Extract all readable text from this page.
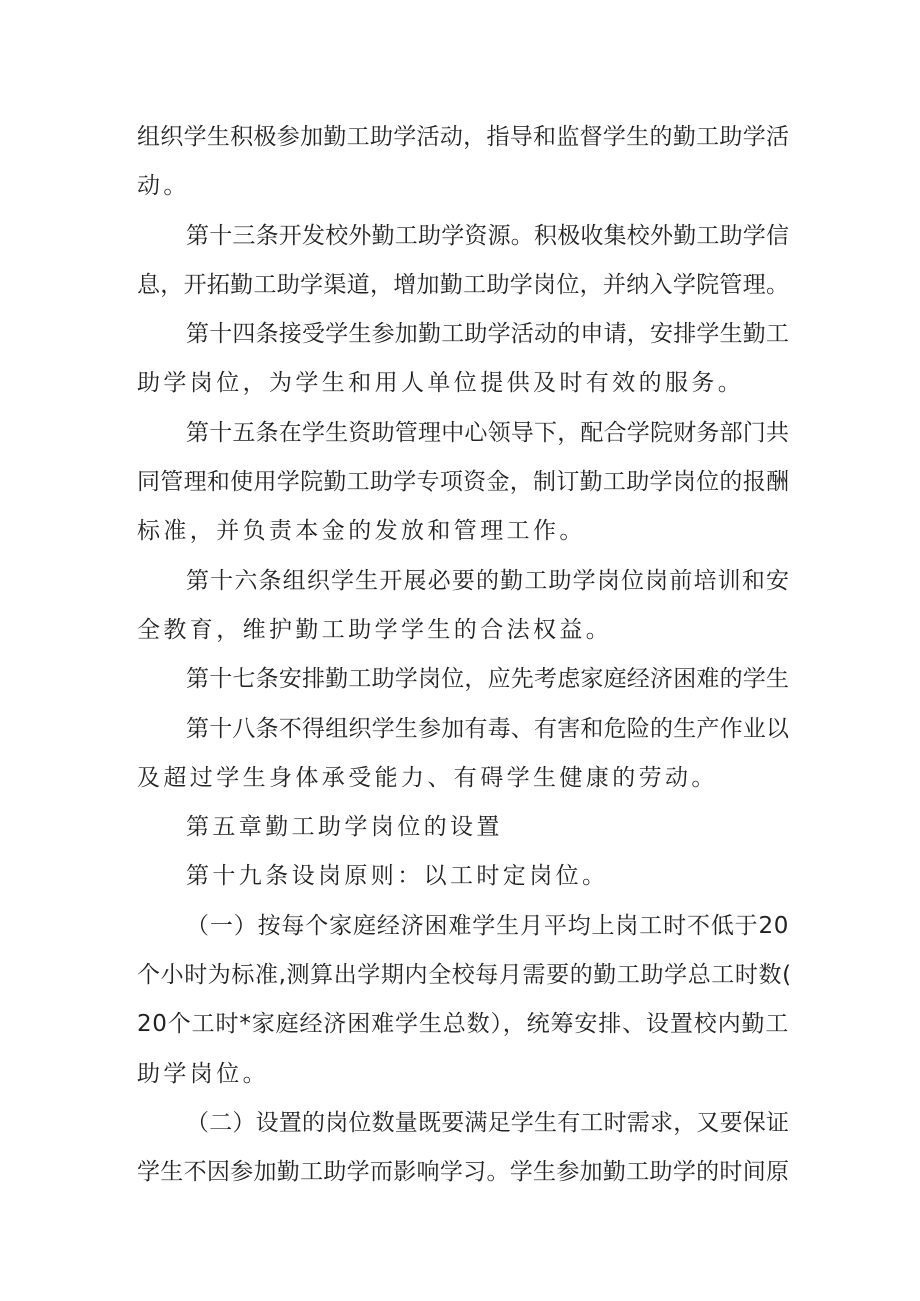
组织学生积极参加勤工助学活动，指导和监督学生的勤工助学活
动。
第十三条开发校外勤工助学资源。积极收集校外勤工助学信
息，开拓勤工助学渠道，增加勤工助学岗位，并纳入学院管理。
第十四条接受学生参加勤工助学活动的申请，安排学生勤工
助学岗位，为学生和用人单位提供及时有效的服务。
第十五条在学生资助管理中心领导下，配合学院财务部门共
同管理和使用学院勤工助学专项资金，制订勤工助学岗位的报酬
标准，并负责本金的发放和管理工作。
第十六条组织学生开展必要的勤工助学岗位岗前培训和安
全教育，维护勤工助学学生的合法权益。
第十七条安排勤工助学岗位，应先考虑家庭经济困难的学生
第十八条不得组织学生参加有毒、有害和危险的生产作业以
及超过学生身体承受能力、有碍学生健康的劳动。
第五章勤工助学岗位的设置
第十九条设岗原则：以工时定岗位。
（一）按每个家庭经济困难学生月平均上岗工时不低于20
个小时为标准,测算出学期内全校每月需要的勤工助学总工时数(
20个工时*家庭经济困难学生总数），统筹安排、设置校内勤工
助学岗位。
（二）设置的岗位数量既要满足学生有工时需求，又要保证
学生不因参加勤工助学而影响学习。学生参加勤工助学的时间原
